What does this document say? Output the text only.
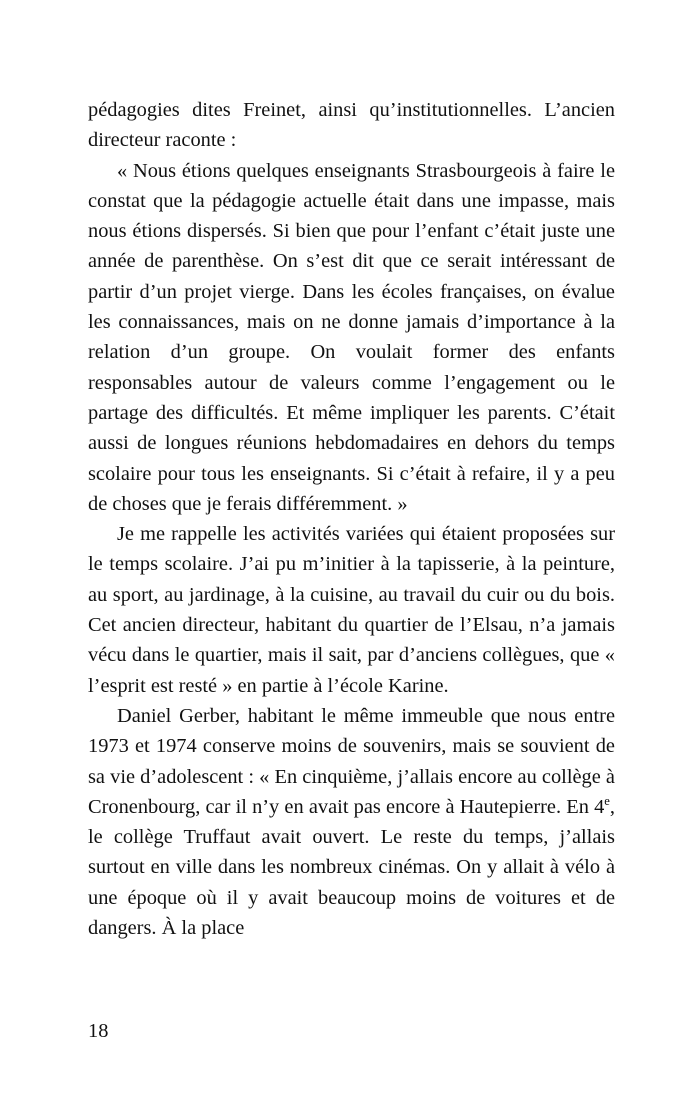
pédagogies dites Freinet, ainsi qu’institutionnelles. L’ancien directeur raconte :

« Nous étions quelques enseignants Strasbourgeois à faire le constat que la pédagogie actuelle était dans une impasse, mais nous étions dispersés. Si bien que pour l’enfant c’était juste une année de parenthèse. On s’est dit que ce serait intéressant de partir d’un projet vierge. Dans les écoles françaises, on évalue les connaissances, mais on ne donne jamais d’importance à la relation d’un groupe. On voulait former des enfants responsables autour de valeurs comme l’engagement ou le partage des difficultés. Et même impliquer les parents. C’était aussi de longues réunions hebdomadaires en dehors du temps scolaire pour tous les enseignants. Si c’était à refaire, il y a peu de choses que je ferais différemment. »

Je me rappelle les activités variées qui étaient proposées sur le temps scolaire. J’ai pu m’initier à la tapisserie, à la peinture, au sport, au jardinage, à la cuisine, au travail du cuir ou du bois. Cet ancien directeur, habitant du quartier de l’Elsau, n’a jamais vécu dans le quartier, mais il sait, par d’anciens collègues, que « l’esprit est resté » en partie à l’école Karine.

Daniel Gerber, habitant le même immeuble que nous entre 1973 et 1974 conserve moins de souvenirs, mais se souvient de sa vie d’adolescent : « En cinquième, j’allais encore au collège à Cronenbourg, car il n’y en avait pas encore à Hautepierre. En 4e, le collège Truffaut avait ouvert. Le reste du temps, j’allais surtout en ville dans les nombreux cinémas. On y allait à vélo à une époque où il y avait beaucoup moins de voitures et de dangers. À la place

18
